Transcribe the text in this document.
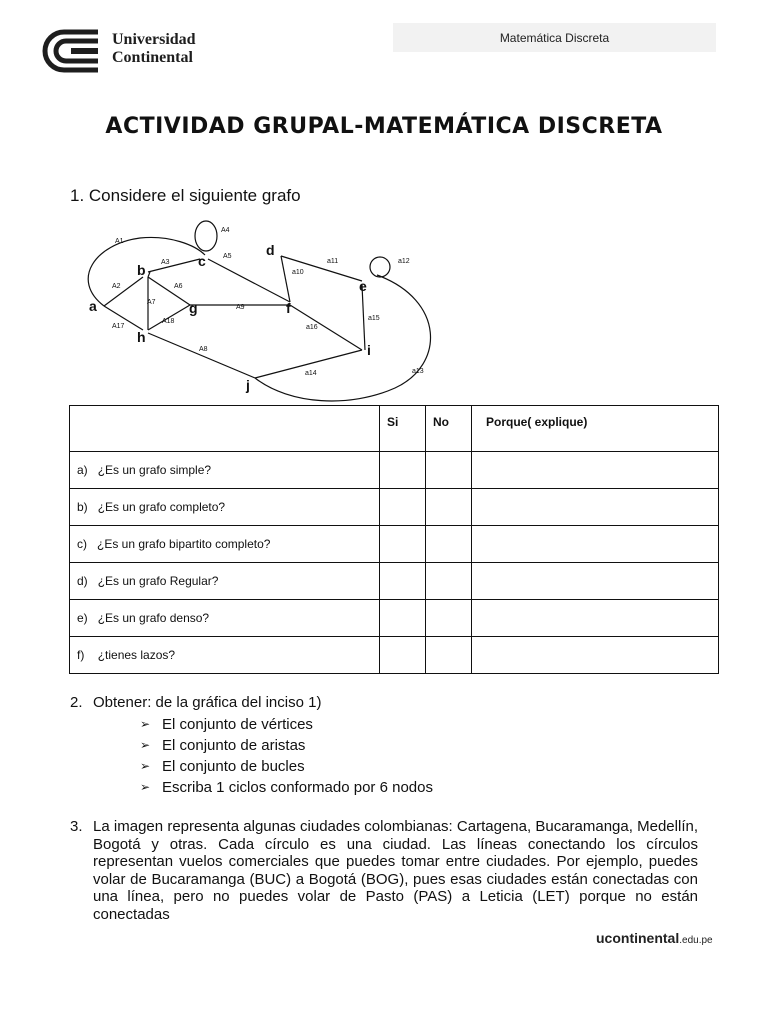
Universidad
Continental
Matemática Discreta
ACTIVIDAD GRUPAL-MATEMÁTICA DISCRETA
1. Considere el siguiente grafo
a
b
c
d
e
f
g
h
i
j
A1
A4
A3
A5
A2	A6
A7
A9
A18
A17
A8
a10
a11	a12
a15
a16
a13
a14
	Si	No	Porque( explique)
a) ¿Es un grafo simple?			
b) ¿Es un grafo completo?			
c) ¿Es un grafo bipartito completo?			
d) ¿Es un grafo Regular?			
e) ¿Es un grafo denso?			
f) ¿tienes lazos?			
2. Obtener: de la gráfica del inciso 1)
➢ El conjunto de vértices
➢ El conjunto de aristas
➢ El conjunto de bucles
➢ Escriba 1 ciclos conformado por 6 nodos
3. La imagen representa algunas ciudades colombianas: Cartagena, Bucaramanga, Medellín, Bogotá y otras. Cada círculo es una ciudad. Las líneas conectando los círculos representan vuelos comerciales que puedes tomar entre ciudades. Por ejemplo, puedes volar de Bucaramanga (BUC) a Bogotá (BOG), pues esas ciudades están conectadas con una línea, pero no puedes volar de Pasto (PAS) a Leticia (LET) porque no están conectadas
ucontinental.edu.pe
